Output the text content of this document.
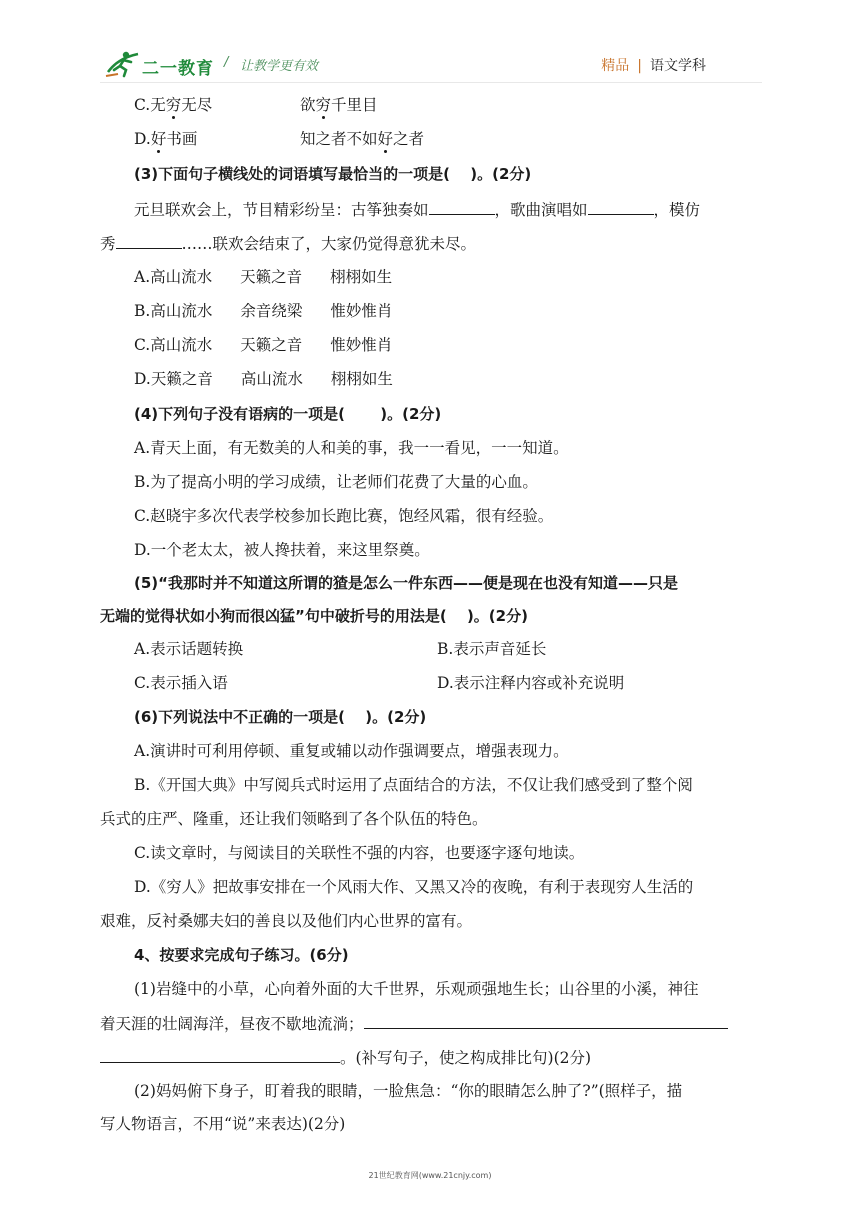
二一教育 / 让教学更有效	精品 | 语文学科
C.无穷无尽	欲穷千里目
D.好书画	知之者不如好之者
(3)下面句子横线处的词语填写最恰当的一项是(　 )。(2分)
元旦联欢会上，节目精彩纷呈：古筝独奏如	，歌曲演唱如	，模仿
秀	……联欢会结束了，大家仍觉得意犹未尽。
A.高山流水 天籁之音 栩栩如生
B.高山流水 余音绕梁 惟妙惟肖
C.高山流水 天籁之音 惟妙惟肖
D.天籁之音 高山流水 栩栩如生
(4)下列句子没有语病的一项是(　　 )。(2分)
A.青天上面，有无数美的人和美的事，我一一看见，一一知道。
B.为了提高小明的学习成绩，让老师们花费了大量的心血。
C.赵晓宇多次代表学校参加长跑比赛，饱经风霜，很有经验。
D.一个老太太，被人搀扶着，来这里祭奠。
(5)“我那时并不知道这所谓的猹是怎么一件东西——便是现在也没有知道——只是
无端的觉得状如小狗而很凶猛”句中破折号的用法是(　 )。(2分)
A.表示话题转换	B.表示声音延长
C.表示插入语	D.表示注释内容或补充说明
(6)下列说法中不正确的一项是(　 )。(2分)
A.演讲时可利用停顿、重复或辅以动作强调要点，增强表现力。
B.《开国大典》中写阅兵式时运用了点面结合的方法，不仅让我们感受到了整个阅
兵式的庄严、隆重，还让我们领略到了各个队伍的特色。
C.读文章时，与阅读目的关联性不强的内容，也要逐字逐句地读。
D.《穷人》把故事安排在一个风雨大作、又黑又冷的夜晚，有利于表现穷人生活的
艰难，反衬桑娜夫妇的善良以及他们内心世界的富有。
4、按要求完成句子练习。(6分)
(1)岩缝中的小草，心向着外面的大千世界，乐观顽强地生长；山谷里的小溪，神往
着天涯的壮阔海洋，昼夜不歇地流淌；
。(补写句子，使之构成排比句)(2分)
(2)妈妈俯下身子，盯着我的眼睛，一脸焦急：“你的眼睛怎么肿了?”(照样子，描
写人物语言，不用“说”来表达)(2分)
21世纪教育网(www.21cnjy.com)
